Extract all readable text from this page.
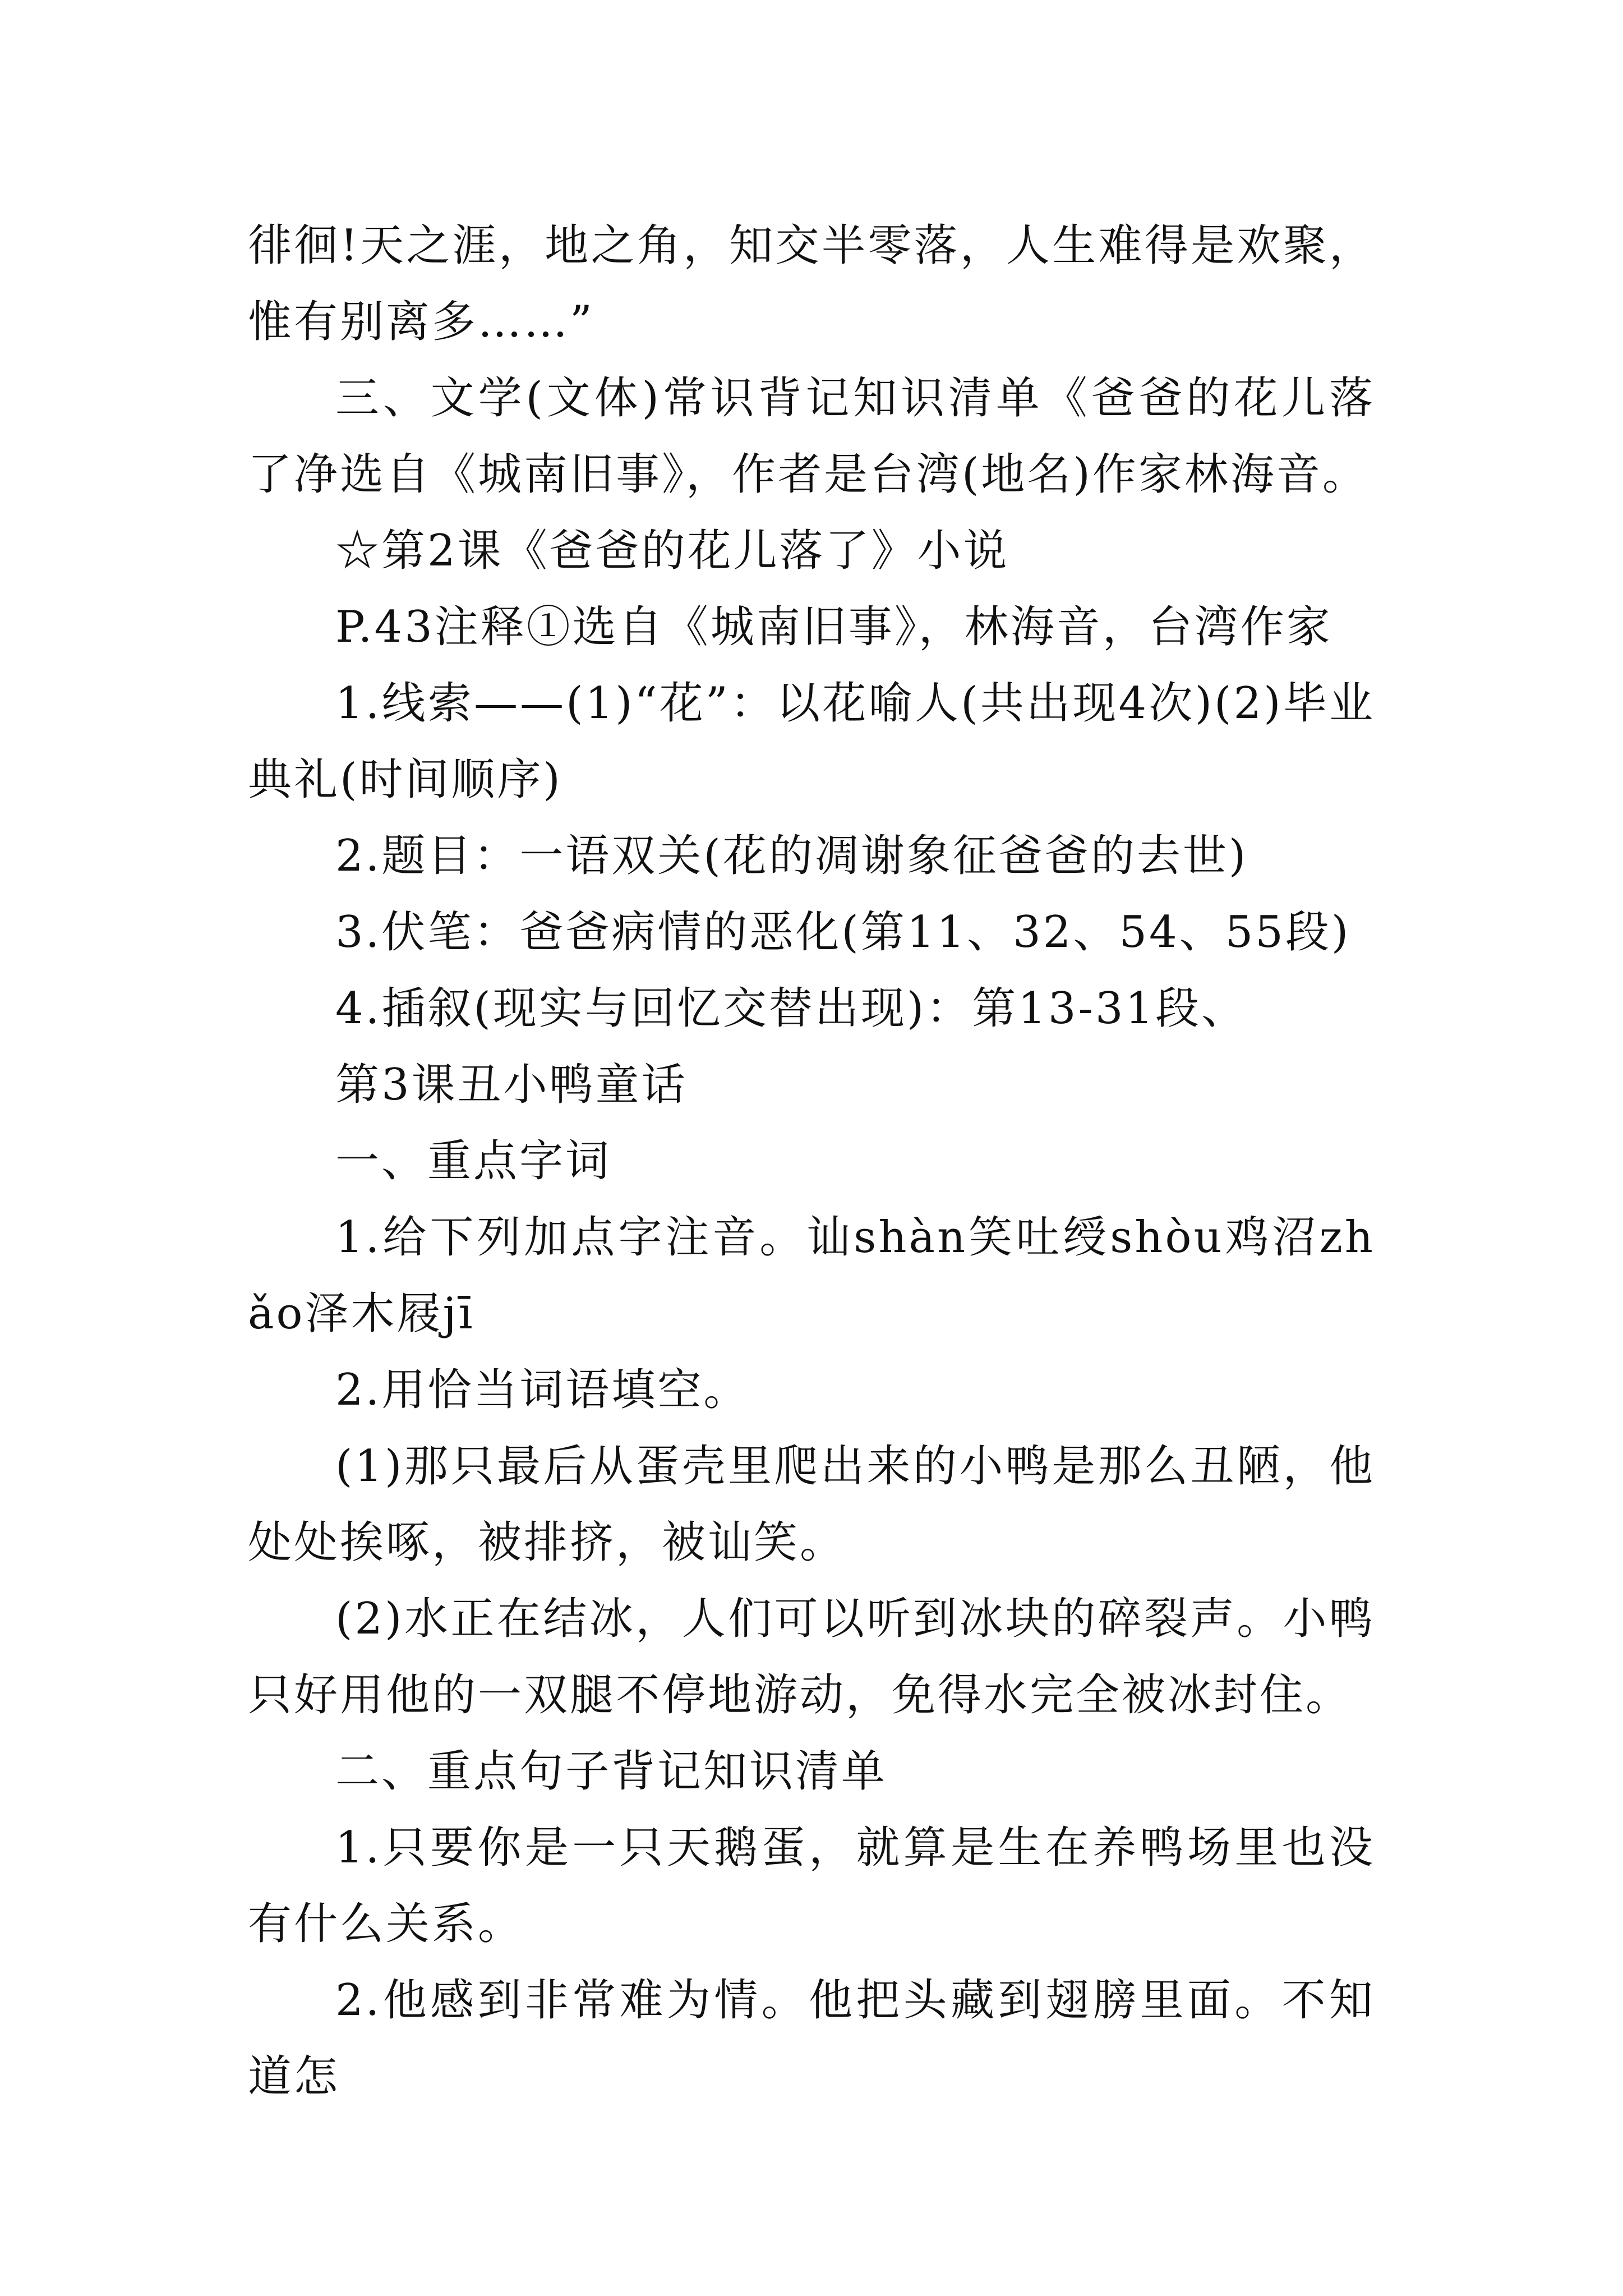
徘徊!天之涯，地之角，知交半零落，人生难得是欢聚，惟有别离多……”

三、文学(文体)常识背记知识清单《爸爸的花儿落了净选自《城南旧事》，作者是台湾(地名)作家林海音。

☆第2课《爸爸的花儿落了》小说

P.43注释①选自《城南旧事》，林海音，台湾作家

1.线索——(1)“花”：以花喻人(共出现4次)(2)毕业典礼(时间顺序)

2.题目：一语双关(花的凋谢象征爸爸的去世)

3.伏笔：爸爸病情的恶化(第11、32、54、55段)

4.插叙(现实与回忆交替出现)：第13-31段、

第3课丑小鸭童话

一、重点字词

1.给下列加点字注音。讪shàn笑吐绶shòu鸡沼zhǎo泽木屐jī

2.用恰当词语填空。

(1)那只最后从蛋壳里爬出来的小鸭是那么丑陋，他处处挨啄，被排挤，被讪笑。

(2)水正在结冰，人们可以听到冰块的碎裂声。小鸭只好用他的一双腿不停地游动，免得水完全被冰封住。

二、重点句子背记知识清单

1.只要你是一只天鹅蛋，就算是生在养鸭场里也没有什么关系。

2.他感到非常难为情。他把头藏到翅膀里面。不知道怎
